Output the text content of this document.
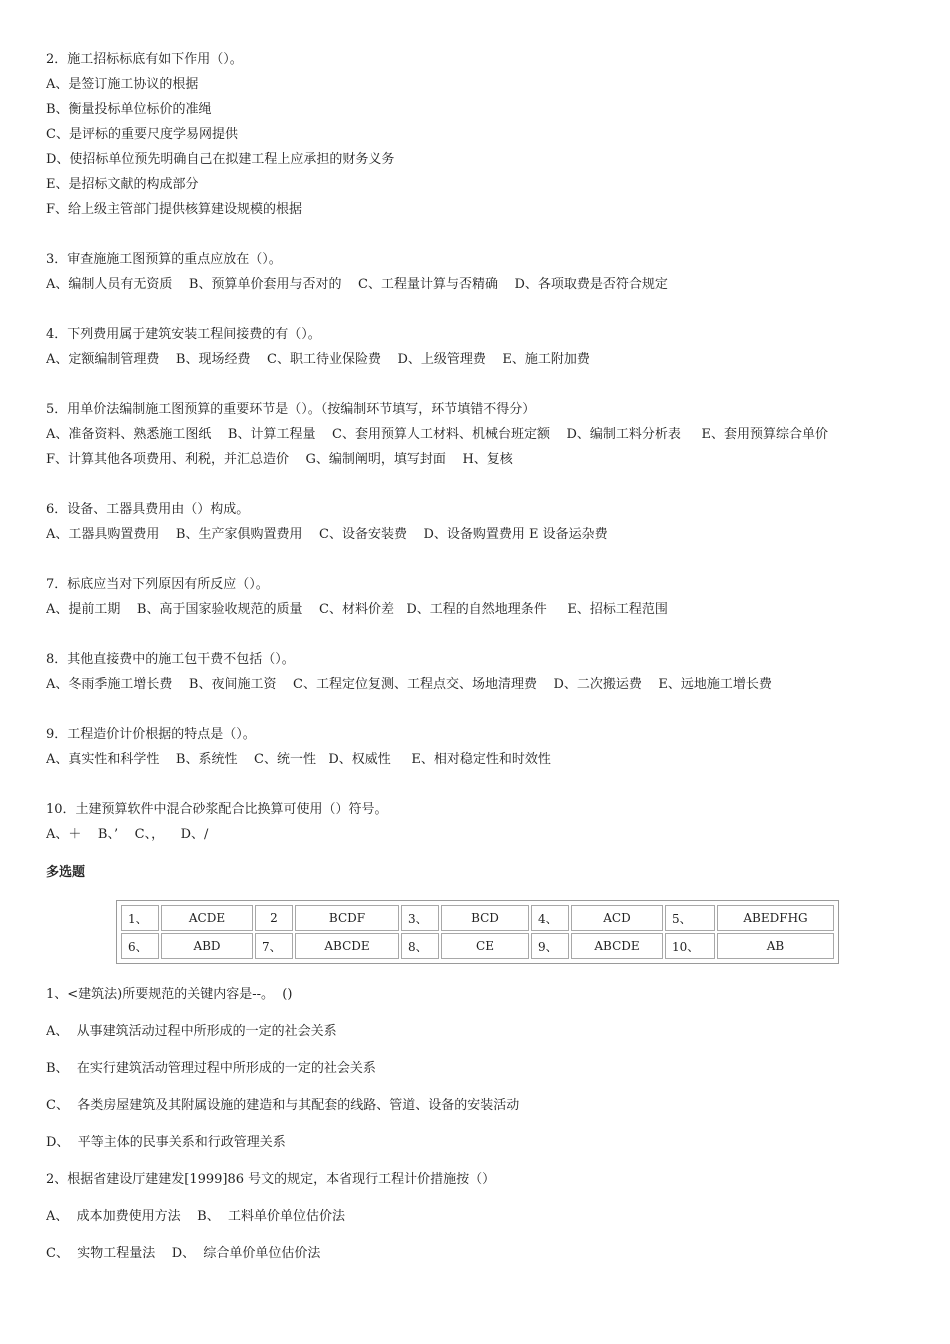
2．施工招标标底有如下作用（）。
A、是签订施工协议的根据
B、衡量投标单位标价的准绳
C、是评标的重要尺度学易网提供
D、使招标单位预先明确自己在拟建工程上应承担的财务义务
E、是招标文献的构成部分
F、给上级主管部门提供核算建设规模的根据
3．审查施施工图预算的重点应放在（）。
A、编制人员有无资质    B、预算单价套用与否对的    C、工程量计算与否精确    D、各项取费是否符合规定
4．下列费用属于建筑安装工程间接费的有（）。
A、定额编制管理费    B、现场经费    C、职工待业保险费    D、上级管理费    E、施工附加费
5．用单价法编制施工图预算的重要环节是（）。（按编制环节填写，环节填错不得分）
A、准备资料、熟悉施工图纸    B、计算工程量    C、套用预算人工材料、机械台班定额    D、编制工料分析表     E、套用预算综合单价
F、计算其他各项费用、利税，并汇总造价    G、编制阐明，填写封面    H、复核
6．设备、工器具费用由（）构成。
A、工器具购置费用    B、生产家俱购置费用    C、设备安装费    D、设备购置费用 E 设备运杂费
7．标底应当对下列原因有所反应（）。
A、提前工期    B、高于国家验收规范的质量    C、材料价差   D、工程的自然地理条件     E、招标工程范围
8．其他直接费中的施工包干费不包括（）。
A、冬雨季施工增长费    B、夜间施工资    C、工程定位复测、工程点交、场地清理费    D、二次搬运费    E、远地施工增长费
9．工程造价计价根据的特点是（）。
A、真实性和科学性    B、系统性    C、统一性   D、权威性     E、相对稳定性和时效性
10．土建预算软件中混合砂浆配合比换算可使用（）符号。
A、＋    B、’    C、，    D、/
多选题
1、	ACDE	2	BCDF	3、	BCD	4、	ACD	5、	ABEDFHG
6、	ABD	7、	ABCDE	8、	CE	9、	ABCDE	10、	AB
1、<建筑法)所要规范的关键内容是--。  ()
A、  从事建筑活动过程中所形成的一定的社会关系
B、  在实行建筑活动管理过程中所形成的一定的社会关系
C、  各类房屋建筑及其附属设施的建造和与其配套的线路、管道、设备的安装活动
D、  平等主体的民事关系和行政管理关系
2、根据省建设厅建建发[1999]86 号文的规定，本省现行工程计价措施按（）
A、  成本加费使用方法    B、  工料单价单位估价法
C、  实物工程量法    D、  综合单价单位估价法
